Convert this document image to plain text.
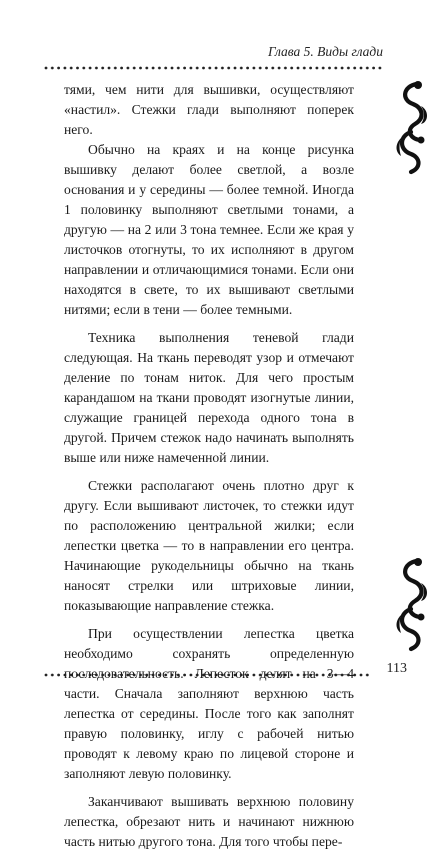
Глава 5. Виды глади

тями, чем нити для вышивки, осуществляют «настил». Стежки глади выполняют поперек него.

Обычно на краях и на конце рисунка вышивку делают более светлой, а возле основания и у середины — более темной. Иногда 1 половинку выполняют светлыми тонами, а другую — на 2 или 3 тона темнее. Если же края у листочков отогнуты, то их исполняют в другом направлении и отличающимися тонами. Если они находятся в свете, то их вышивают светлыми нитями; если в тени — более темными.

Техника выполнения теневой глади следующая. На ткань переводят узор и отмечают деление по тонам ниток. Для чего простым карандашом на ткани проводят изогнутые линии, служащие границей перехода одного тона в другой. Причем стежок надо начинать выполнять выше или ниже намеченной линии.

Стежки располагают очень плотно друг к другу. Если вышивают листочек, то стежки идут по расположению центральной жилки; если лепестки цветка — то в направлении его центра. Начинающие рукодельницы обычно на ткань наносят стрелки или штриховые линии, показывающие направление стежка.

При осуществлении лепестка цветка необходимо сохранять определенную части. Сначала заполняют верхнюю часть лепестка от середины. После того как заполнят правую половинку, иглу с рабочей нитью проводят к левому краю по лицевой стороне и заполняют левую половинку.

Заканчивают вышивать верхнюю половину лепестка, обрезают нить и начинают нижнюю часть нитью другого тона. Для того чтобы пере-

113
